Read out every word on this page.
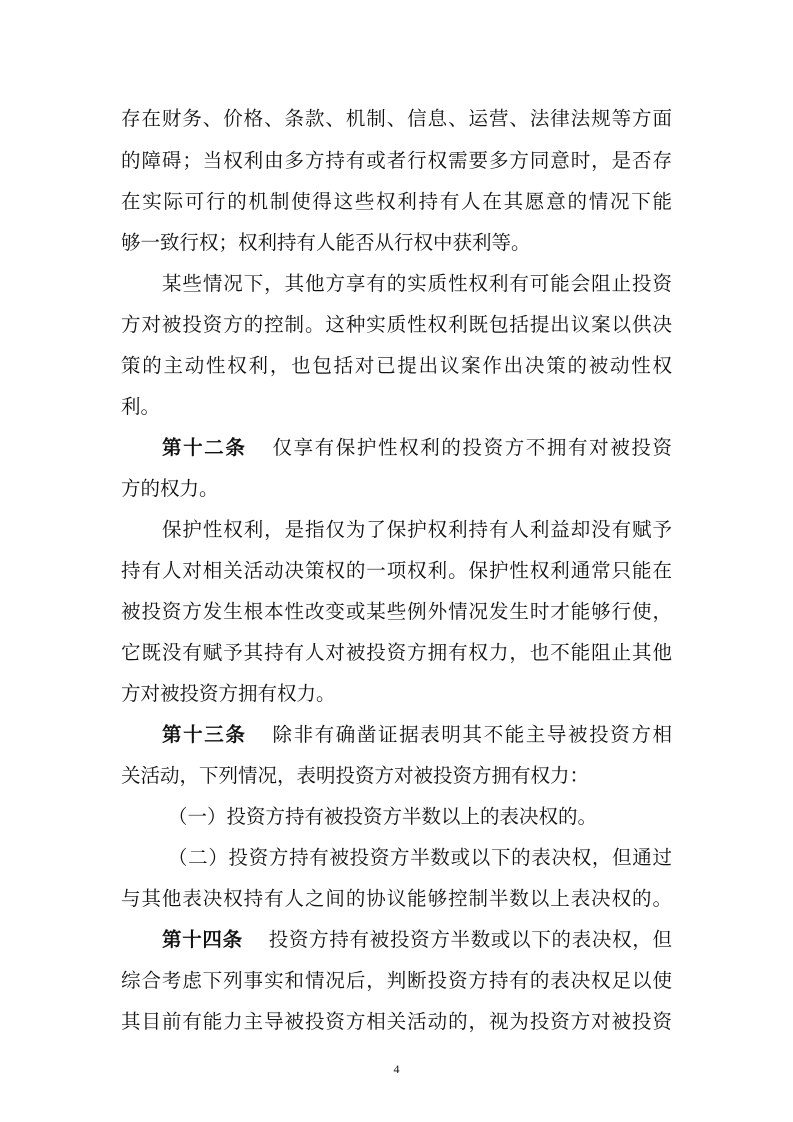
存在财务、价格、条款、机制、信息、运营、法律法规等方面
的障碍；当权利由多方持有或者行权需要多方同意时，是否存
在实际可行的机制使得这些权利持有人在其愿意的情况下能
够一致行权；权利持有人能否从行权中获利等。
某些情况下，其他方享有的实质性权利有可能会阻止投资
方对被投资方的控制。这种实质性权利既包括提出议案以供决
策的主动性权利，也包括对已提出议案作出决策的被动性权
利。
第十二条 仅享有保护性权利的投资方不拥有对被投资
方的权力。
保护性权利，是指仅为了保护权利持有人利益却没有赋予
持有人对相关活动决策权的一项权利。保护性权利通常只能在
被投资方发生根本性改变或某些例外情况发生时才能够行使，
它既没有赋予其持有人对被投资方拥有权力，也不能阻止其他
方对被投资方拥有权力。
第十三条 除非有确凿证据表明其不能主导被投资方相
关活动，下列情况，表明投资方对被投资方拥有权力：
（一）投资方持有被投资方半数以上的表决权的。
（二）投资方持有被投资方半数或以下的表决权，但通过
与其他表决权持有人之间的协议能够控制半数以上表决权的。
第十四条 投资方持有被投资方半数或以下的表决权，但
综合考虑下列事实和情况后，判断投资方持有的表决权足以使
其目前有能力主导被投资方相关活动的，视为投资方对被投资
4
